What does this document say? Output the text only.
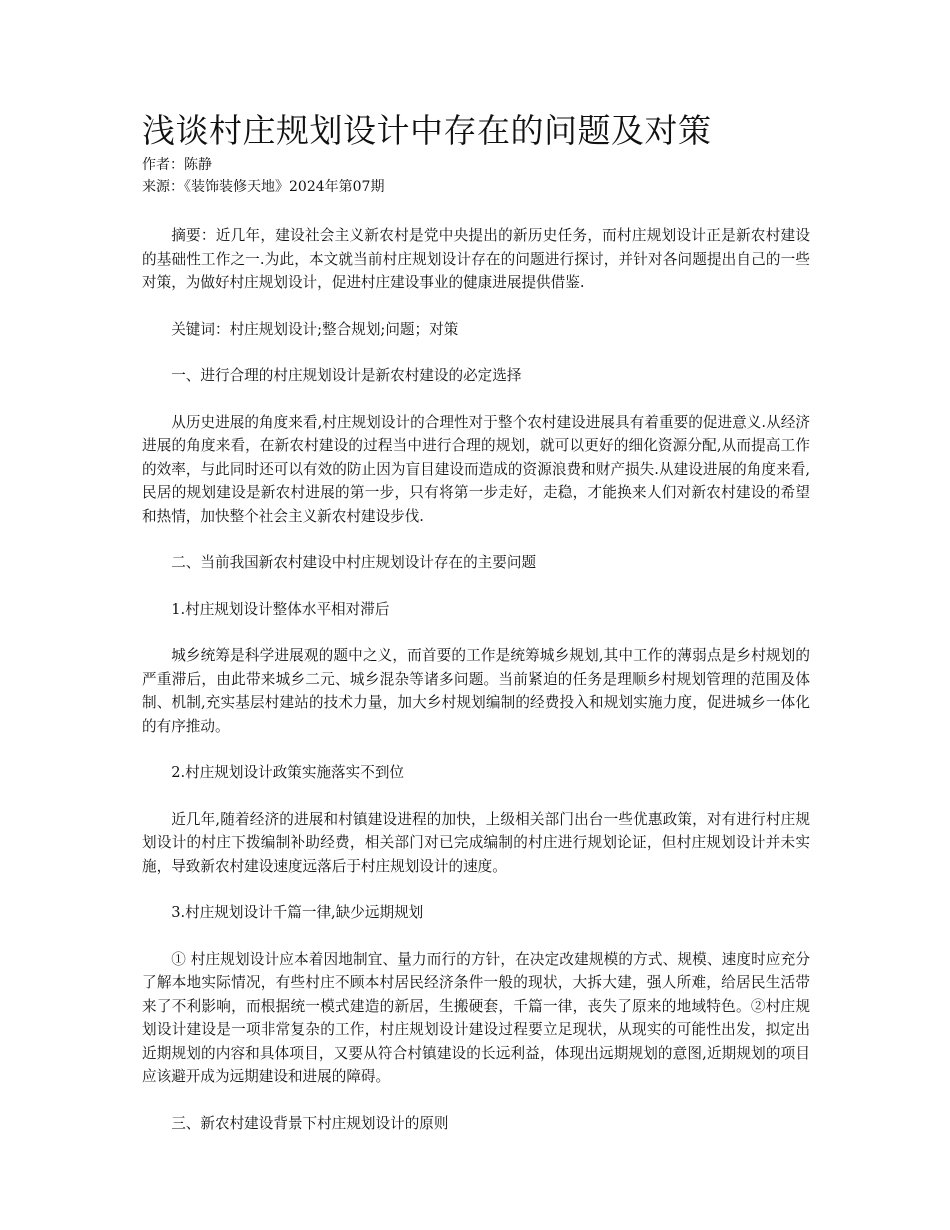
浅谈村庄规划设计中存在的问题及对策

作者：陈静

来源：《装饰装修天地》2024年第07期

摘要：近几年，建设社会主义新农村是党中央提出的新历史任务，而村庄规划设计正是新农村建设的基础性工作之一.为此，本文就当前村庄规划设计存在的问题进行探讨，并针对各问题提出自己的一些对策，为做好村庄规划设计，促进村庄建设事业的健康进展提供借鉴.

关键词：村庄规划设计;整合规划;问题；对策

一、进行合理的村庄规划设计是新农村建设的必定选择

从历史进展的角度来看,村庄规划设计的合理性对于整个农村建设进展具有着重要的促进意义.从经济进展的角度来看，在新农村建设的过程当中进行合理的规划，就可以更好的细化资源分配,从而提高工作的效率，与此同时还可以有效的防止因为盲目建设而造成的资源浪费和财产损失.从建设进展的角度来看,民居的规划建设是新农村进展的第一步，只有将第一步走好，走稳，才能换来人们对新农村建设的希望和热情，加快整个社会主义新农村建设步伐.

二、当前我国新农村建设中村庄规划设计存在的主要问题

1.村庄规划设计整体水平相对滞后

城乡统筹是科学进展观的题中之义，而首要的工作是统筹城乡规划,其中工作的薄弱点是乡村规划的严重滞后，由此带来城乡二元、城乡混杂等诸多问题。当前紧迫的任务是理顺乡村规划管理的范围及体制、机制,充实基层村建站的技术力量，加大乡村规划编制的经费投入和规划实施力度，促进城乡一体化的有序推动。

2.村庄规划设计政策实施落实不到位

近几年,随着经济的进展和村镇建设进程的加快，上级相关部门出台一些优惠政策，对有进行村庄规划设计的村庄下拨编制补助经费，相关部门对已完成编制的村庄进行规划论证，但村庄规划设计并未实施，导致新农村建设速度远落后于村庄规划设计的速度。

3.村庄规划设计千篇一律,缺少远期规划

① 村庄规划设计应本着因地制宜、量力而行的方针，在决定改建规模的方式、规模、速度时应充分了解本地实际情况，有些村庄不顾本村居民经济条件一般的现状，大拆大建，强人所难，给居民生活带来了不利影响，而根据统一模式建造的新居，生搬硬套，千篇一律，丧失了原来的地域特色。②村庄规划设计建设是一项非常复杂的工作，村庄规划设计建设过程要立足现状，从现实的可能性出发，拟定出近期规划的内容和具体项目，又要从符合村镇建设的长远利益，体现出远期规划的意图,近期规划的项目应该避开成为远期建设和进展的障碍。

三、新农村建设背景下村庄规划设计的原则
